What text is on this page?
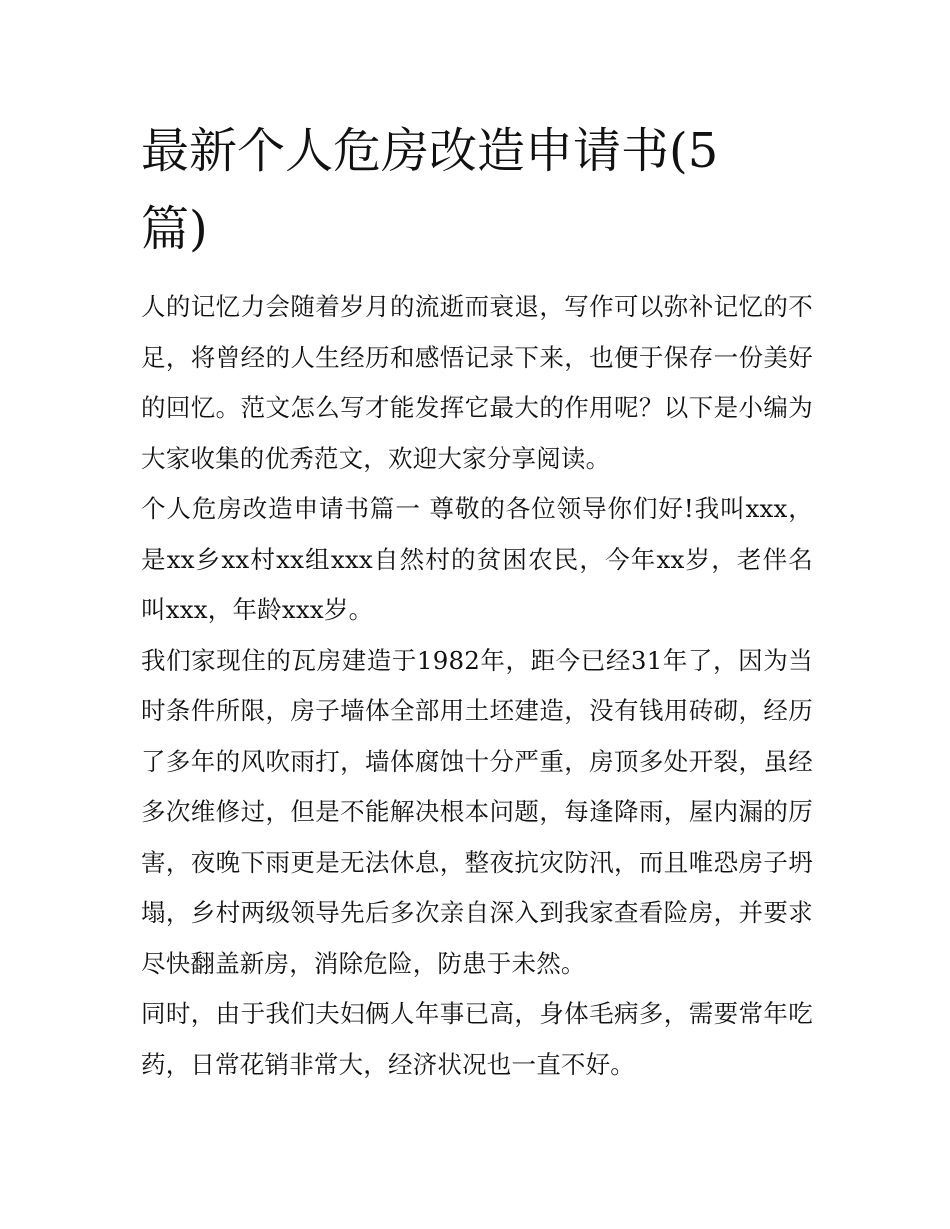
最新个人危房改造申请书(5篇)

人的记忆力会随着岁月的流逝而衰退，写作可以弥补记忆的不足，将曾经的人生经历和感悟记录下来，也便于保存一份美好的回忆。范文怎么写才能发挥它最大的作用呢？以下是小编为大家收集的优秀范文，欢迎大家分享阅读。

个人危房改造申请书篇一 尊敬的各位领导你们好!我叫xxx，是xx乡xx村xx组xxx自然村的贫困农民，今年xx岁，老伴名叫xxx，年龄xxx岁。

我们家现住的瓦房建造于1982年，距今已经31年了，因为当时条件所限，房子墙体全部用土坯建造，没有钱用砖砌，经历了多年的风吹雨打，墙体腐蚀十分严重，房顶多处开裂，虽经多次维修过，但是不能解决根本问题，每逢降雨，屋内漏的厉害，夜晚下雨更是无法休息，整夜抗灾防汛，而且唯恐房子坍塌，乡村两级领导先后多次亲自深入到我家查看险房，并要求尽快翻盖新房，消除危险，防患于未然。

同时，由于我们夫妇俩人年事已高，身体毛病多，需要常年吃药，日常花销非常大，经济状况也一直不好。
